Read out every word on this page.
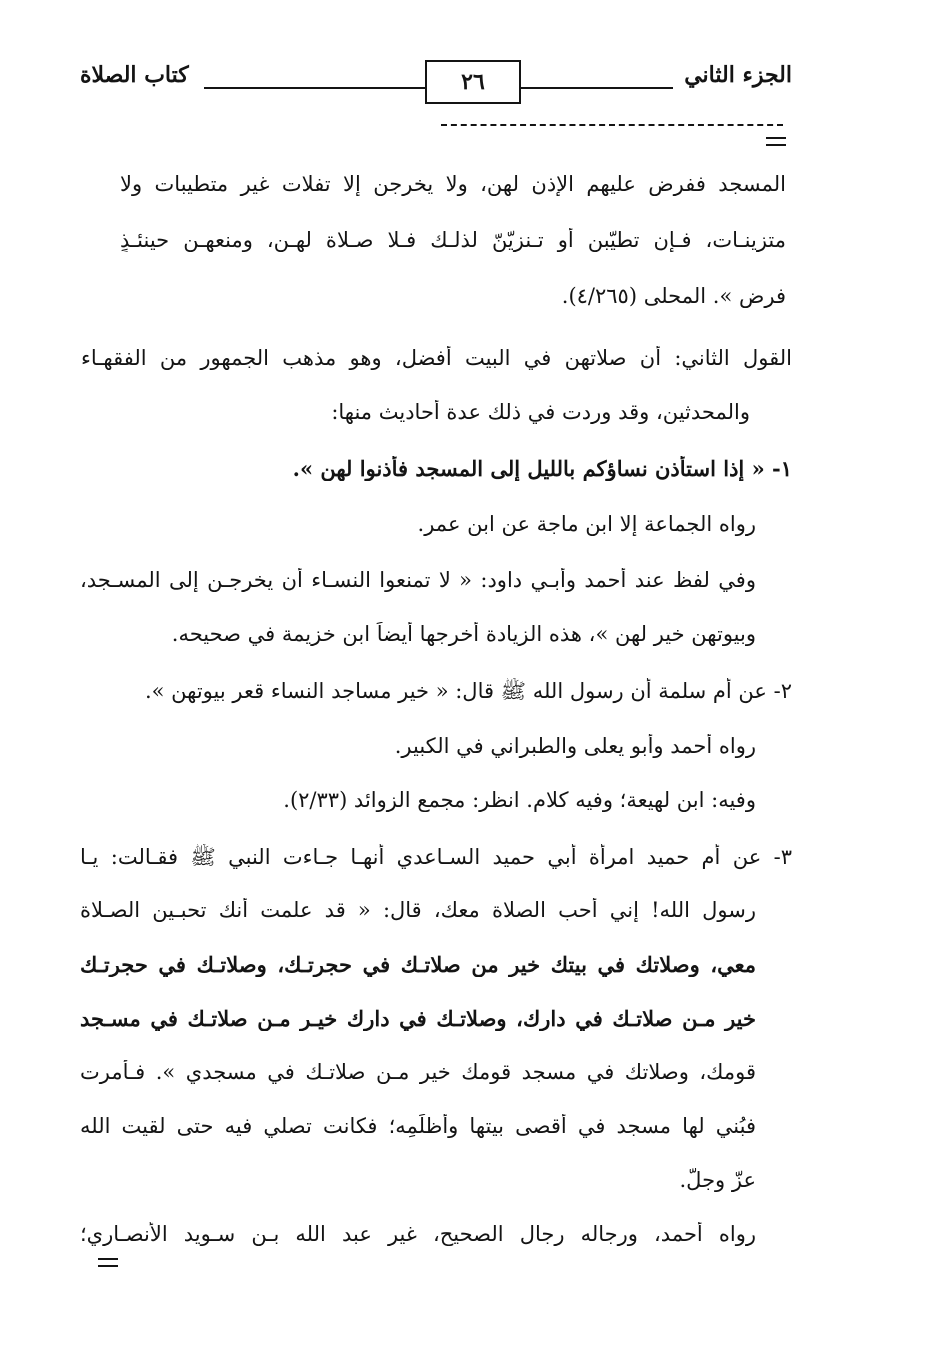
الجزء الثاني
٢٦
كتاب الصلاة
المسجد ففرض عليهم الإذن لهن، ولا يخرجن إلا تفلات غير متطيبات ولا
متزينـات، فـإن تطيّبن أو تـنزيّنّ لذلـك فـلا صـلاة لهـن، ومنعهـن حينئـذٍ
فرض ». المحلى (٤/٢٦٥).
القول الثاني: أن صلاتهن في البيت أفضل، وهو مذهب الجمهور من الفقهـاء
والمحدثين، وقد وردت في ذلك عدة أحاديث منها:
١- « إذا استأذن نساؤكم بالليل إلى المسجد فأذنوا لهن ».
رواه الجماعة إلا ابن ماجة عن ابن عمر.
وفي لفظ عند أحمد وأبـي داود: « لا تمنعوا النسـاء أن يخرجـن إلى المسـجد،
وبيوتهن خير لهن »، هذه الزيادة أخرجها أيضاً ابن خزيمة في صحيحه.
٢- عن أم سلمة أن رسول الله ﷺ قال: « خير مساجد النساء قعر بيوتهن ».
رواه أحمد وأبو يعلى والطبراني في الكبير.
وفيه: ابن لهيعة؛ وفيه كلام. انظر: مجمع الزوائد (٢/٣٣).
٣- عن أم حميد امرأة أبي حميد السـاعدي أنهـا جـاءت النبي ﷺ فقـالت: يـا
رسول الله! إني أحب الصلاة معك، قال: « قد علمت أنك تحبـين الصـلاة
معي، وصلاتك في بيتك خير من صلاتـك في حجرتـك، وصلاتـك في حجرتـك
خير مـن صلاتـك في دارك، وصلاتـك في دارك خيـر مـن صلاتـك في مسـجد
قومك، وصلاتك في مسجد قومك خير مـن صلاتـك في مسجدي ». فـأمرت
فبُني لها مسجد في أقصى بيتها وأظلَمِه؛ فكانت تصلي فيه حتى لقيت الله
عزّ وجلّ.
رواه أحمد، ورجاله رجال الصحيح، غير عبد الله بـن سـويد الأنصـاري؛
